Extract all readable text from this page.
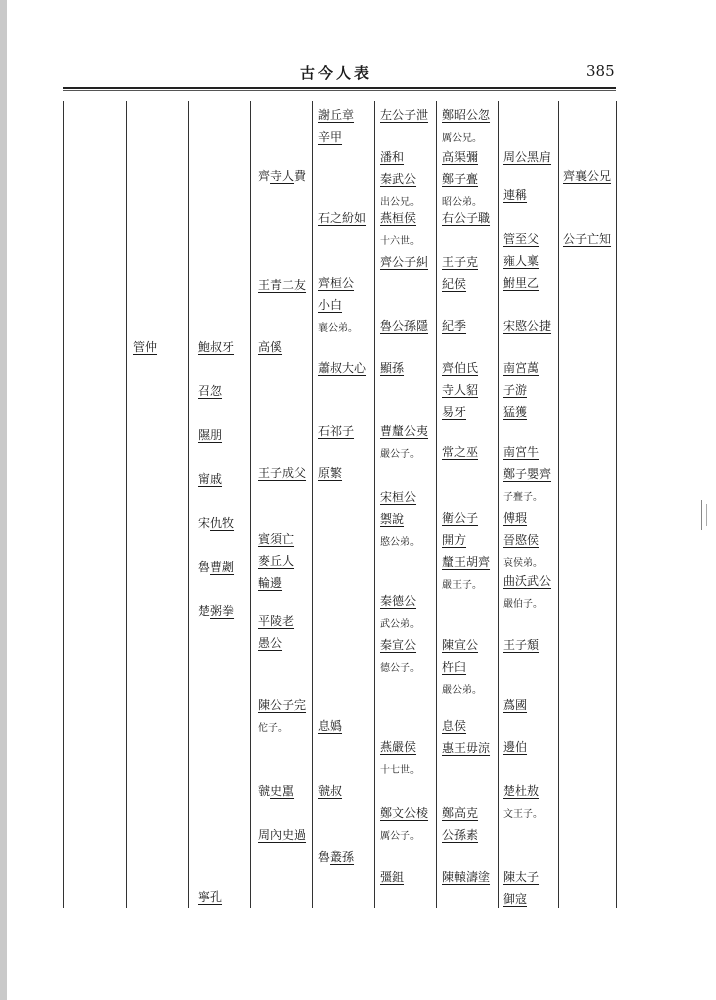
古今人表	385
管仲	鮑叔牙
召忽
隰朋
甯戚
宋仇牧
魯曹劌
楚粥拳
寧孔
齊寺人費
王青二友
高傒
王子成父
賓須亡
麥丘人
輪邊
平陵老
愚公
陳公子完
佗子。
虢史嚚
周內史過
謝丘章
辛甲
石之紛如
齊桓公
小白
襄公弟。
蕭叔大心
石祁子
原繁
息嬀
虢叔
魯叢孫
左公子泄
潘和
秦武公
出公兄。
燕桓侯
十六世。
齊公子糾
魯公孫隱
顯孫
曹釐公夷
嚴公子。
宋桓公
禦說
愍公弟。
秦德公
武公弟。
秦宣公
德公子。
燕嚴侯
十七世。
鄭文公棱
厲公子。
彊鉏
鄭昭公忽
厲公兄。
高渠彌
鄭子亹
昭公弟。
右公子職
王子克
紀侯
紀季
齊伯氏
寺人貂
易牙
常之巫
衛公子
開方
釐王胡齊
嚴王子。
陳宣公
杵臼
嚴公弟。
息侯
惠王毋涼
鄭高克
公孫素
陳轅濤塗
周公黑肩
連稱
管至父
雍人稟
鮒里乙
宋愍公捷
南宮萬
子游
猛獲
南宮牛
鄭子嬰齊
子亹子。
傅瑕
晉愍侯
哀侯弟。
曲沃武公
嚴伯子。
王子頹
蔿國
邊伯
楚杜敖
文王子。
陳太子
御寇
齊襄公兄
公子亡知
